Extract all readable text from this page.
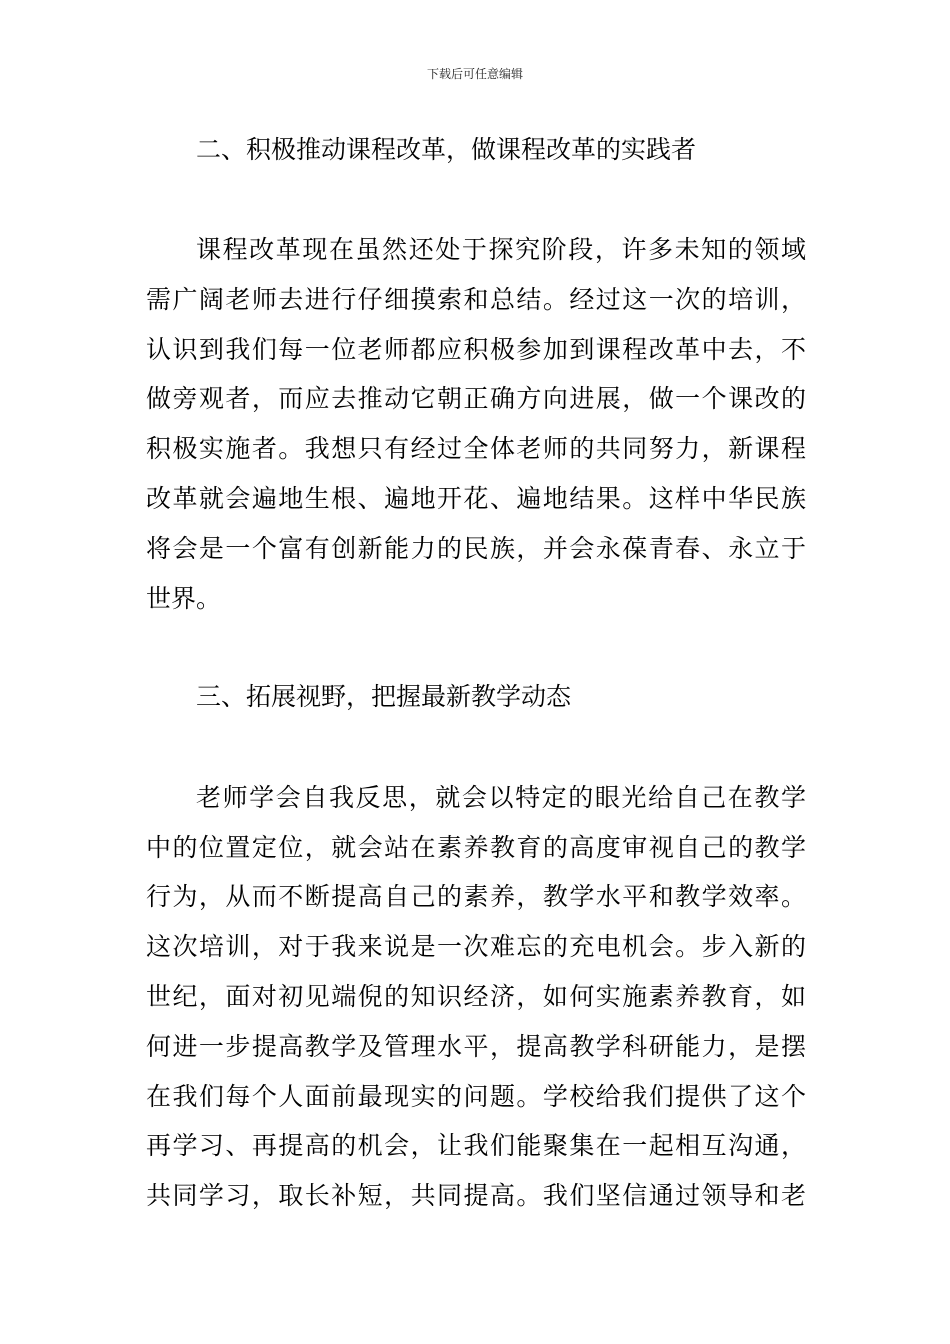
下载后可任意编辑
二、积极推动课程改革，做课程改革的实践者
课程改革现在虽然还处于探究阶段，许多未知的领域
需广阔老师去进行仔细摸索和总结。经过这一次的培训，
认识到我们每一位老师都应积极参加到课程改革中去，不
做旁观者，而应去推动它朝正确方向进展，做一个课改的
积极实施者。我想只有经过全体老师的共同努力，新课程
改革就会遍地生根、遍地开花、遍地结果。这样中华民族
将会是一个富有创新能力的民族，并会永葆青春、永立于
世界。
三、拓展视野，把握最新教学动态
老师学会自我反思，就会以特定的眼光给自己在教学
中的位置定位，就会站在素养教育的高度审视自己的教学
行为，从而不断提高自己的素养，教学水平和教学效率。
这次培训，对于我来说是一次难忘的充电机会。步入新的
世纪，面对初见端倪的知识经济，如何实施素养教育，如
何进一步提高教学及管理水平，提高教学科研能力，是摆
在我们每个人面前最现实的问题。学校给我们提供了这个
再学习、再提高的机会，让我们能聚集在一起相互沟通，
共同学习，取长补短，共同提高。我们坚信通过领导和老
